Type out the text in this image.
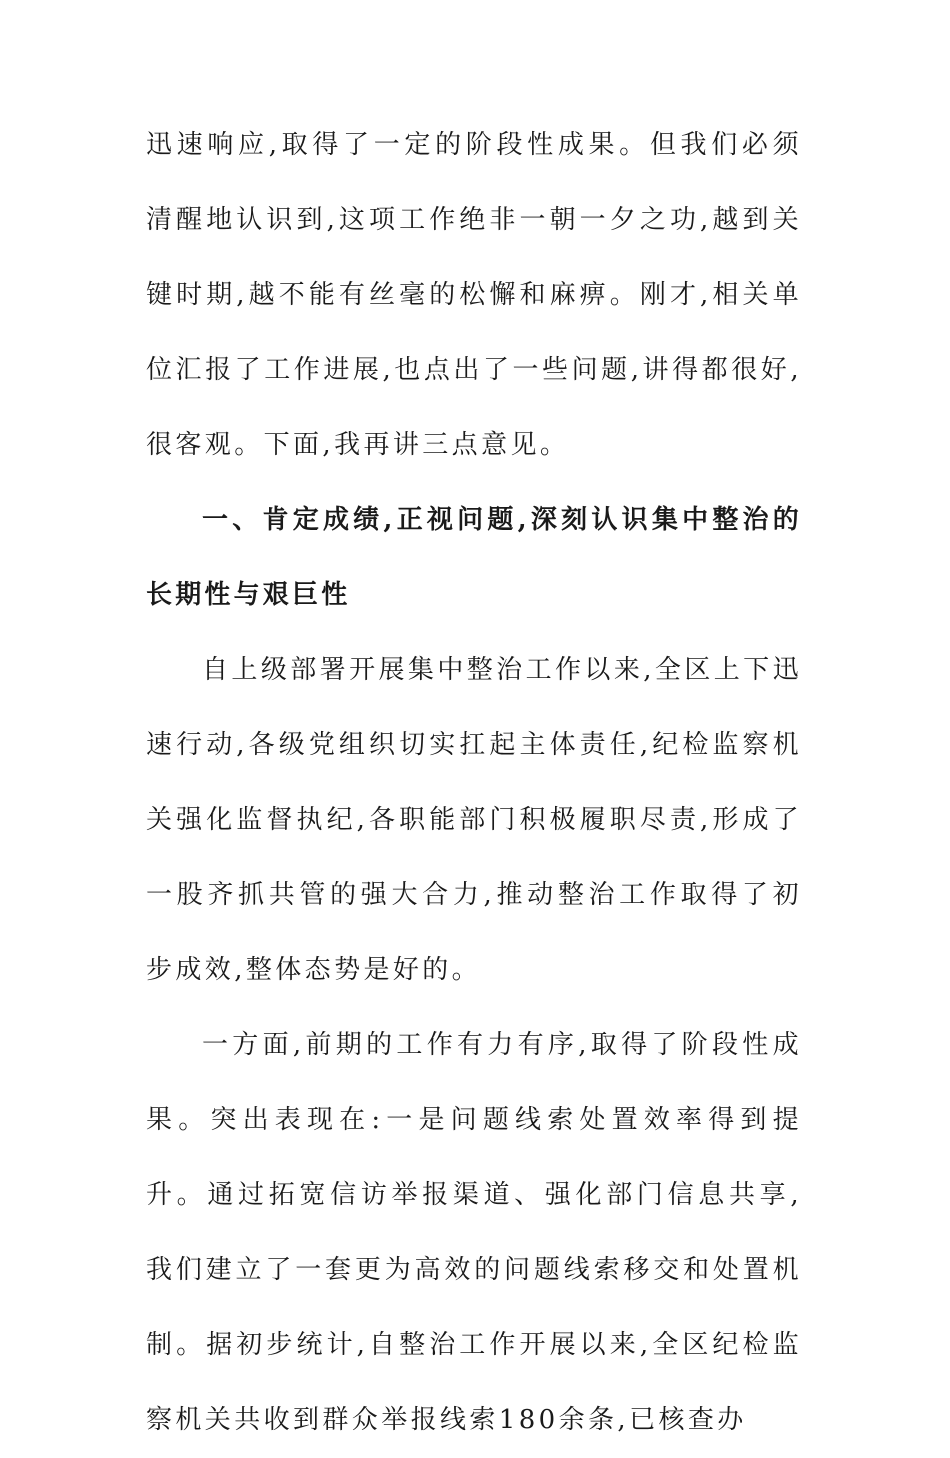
迅速响应,取得了一定的阶段性成果。但我们必须清醒地认识到,这项工作绝非一朝一夕之功,越到关键时期,越不能有丝毫的松懈和麻痹。刚才,相关单位汇报了工作进展,也点出了一些问题,讲得都很好,很客观。下面,我再讲三点意见。

一、肯定成绩,正视问题,深刻认识集中整治的长期性与艰巨性

自上级部署开展集中整治工作以来,全区上下迅速行动,各级党组织切实扛起主体责任,纪检监察机关强化监督执纪,各职能部门积极履职尽责,形成了一股齐抓共管的强大合力,推动整治工作取得了初步成效,整体态势是好的。

一方面,前期的工作有力有序,取得了阶段性成果。突出表现在:一是问题线索处置效率得到提升。通过拓宽信访举报渠道、强化部门信息共享,我们建立了一套更为高效的问题线索移交和处置机制。据初步统计,自整治工作开展以来,全区纪检监察机关共收到群众举报线索180余条,已核查办
